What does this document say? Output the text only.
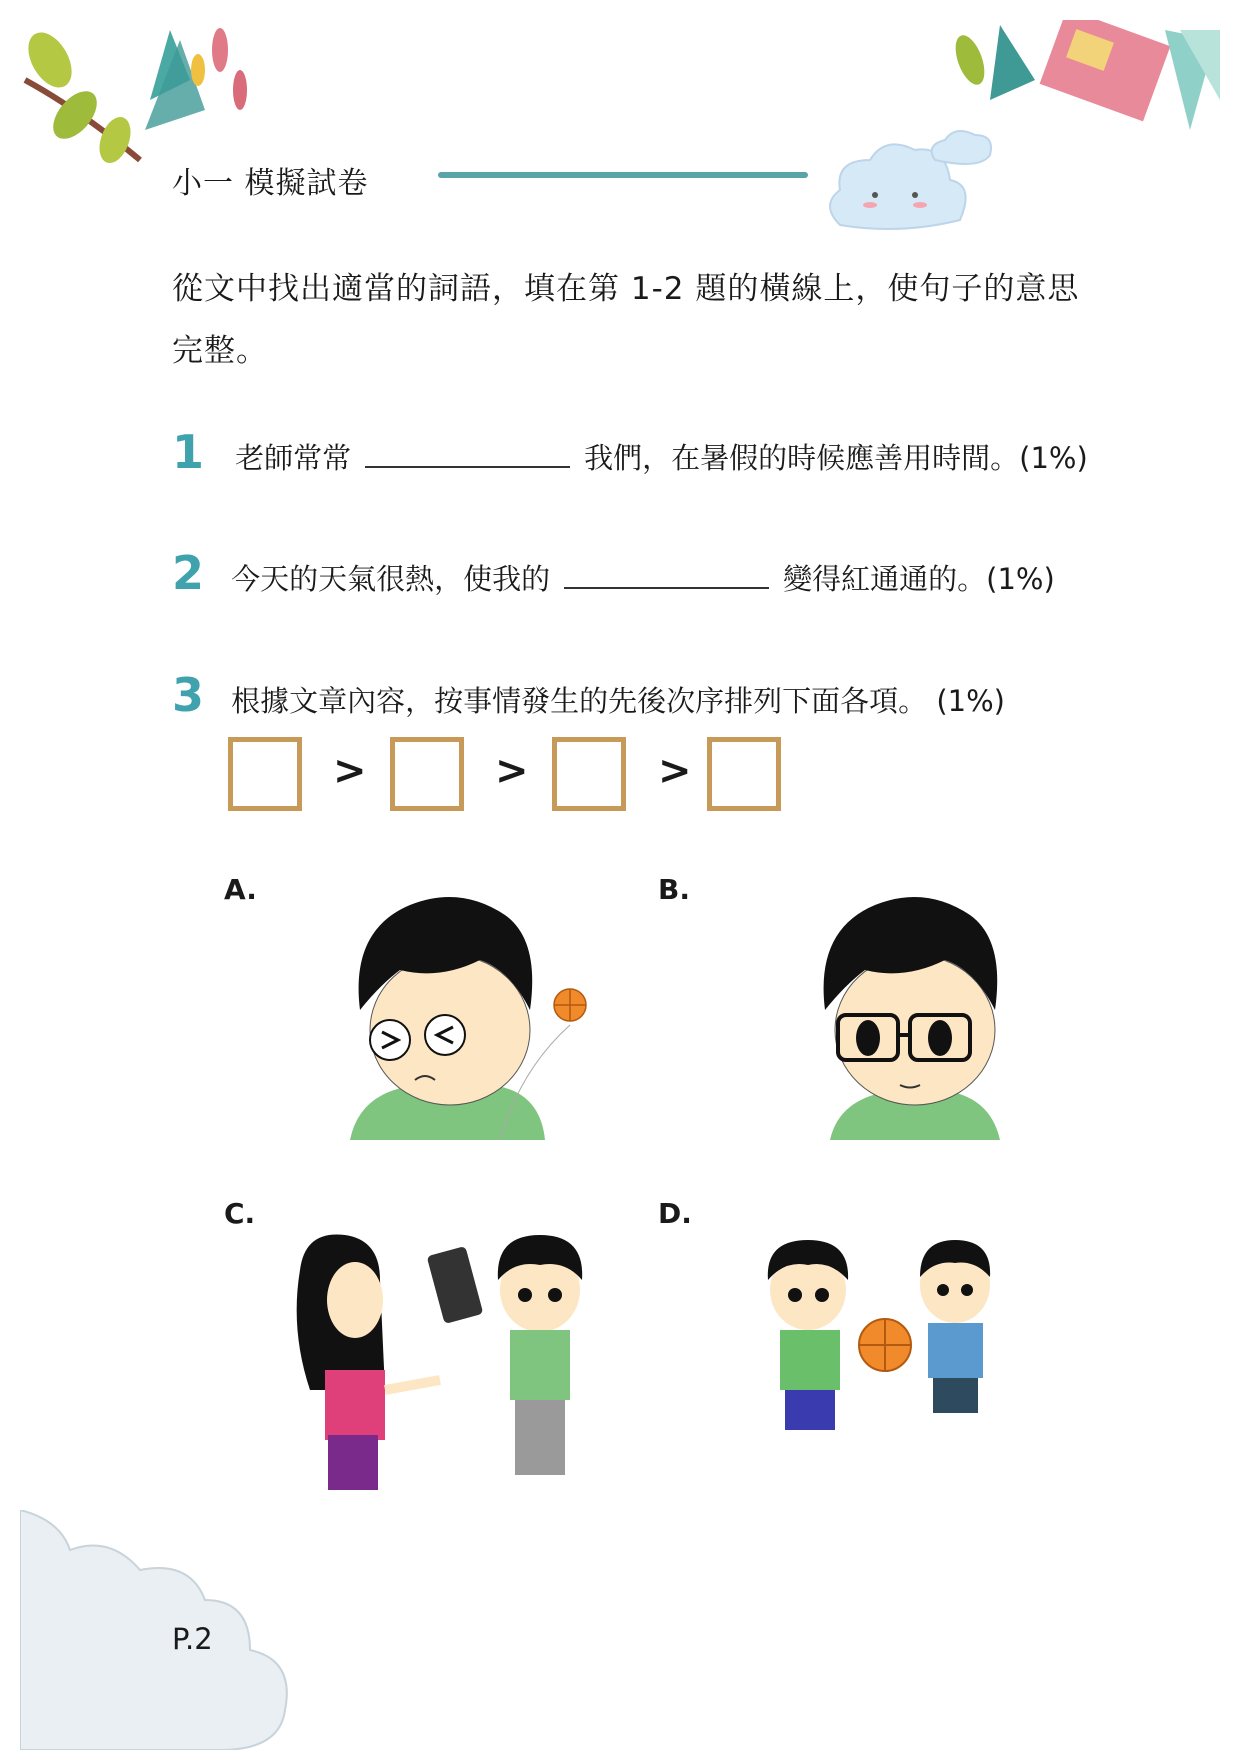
小一 模擬試卷
從文中找出適當的詞語，填在第 1-2 題的橫線上，使句子的意思完整。
1 老師常常	我們，在暑假的時候應善用時間。(1%)
2 今天的天氣很熱，使我的	變得紅通通的。(1%)
3 根據文章內容，按事情發生的先後次序排列下面各項。 (1%)
>	>	>
A.	B.
C.	D.
P.2
